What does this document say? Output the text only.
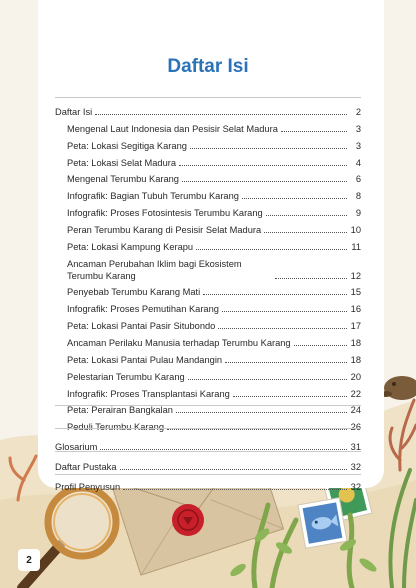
Daftar Isi
Daftar Isi	2
Mengenal Laut Indonesia dan Pesisir Selat Madura	3
Peta: Lokasi Segitiga Karang	3
Peta: Lokasi Selat Madura	4
Mengenal Terumbu Karang	6
Infografik: Bagian Tubuh Terumbu Karang	8
Infografik: Proses Fotosintesis Terumbu Karang	9
Peran Terumbu Karang di Pesisir Selat Madura	10
Peta: Lokasi Kampung Kerapu	11
Ancaman Perubahan Iklim bagi Ekosistem Terumbu Karang	12
Penyebab Terumbu Karang Mati	15
Infografik: Proses Pemutihan Karang	16
Peta: Lokasi Pantai Pasir Situbondo	17
Ancaman Perilaku Manusia terhadap Terumbu Karang	18
Peta: Lokasi Pantai Pulau Mandangin	18
Pelestarian Terumbu Karang	20
Infografik: Proses Transplantasi Karang	22
Peta: Perairan Bangkalan	24
Peduli Terumbu Karang	26
Glosarium	31
Daftar Pustaka	32
Profil Penyusun	32
2
